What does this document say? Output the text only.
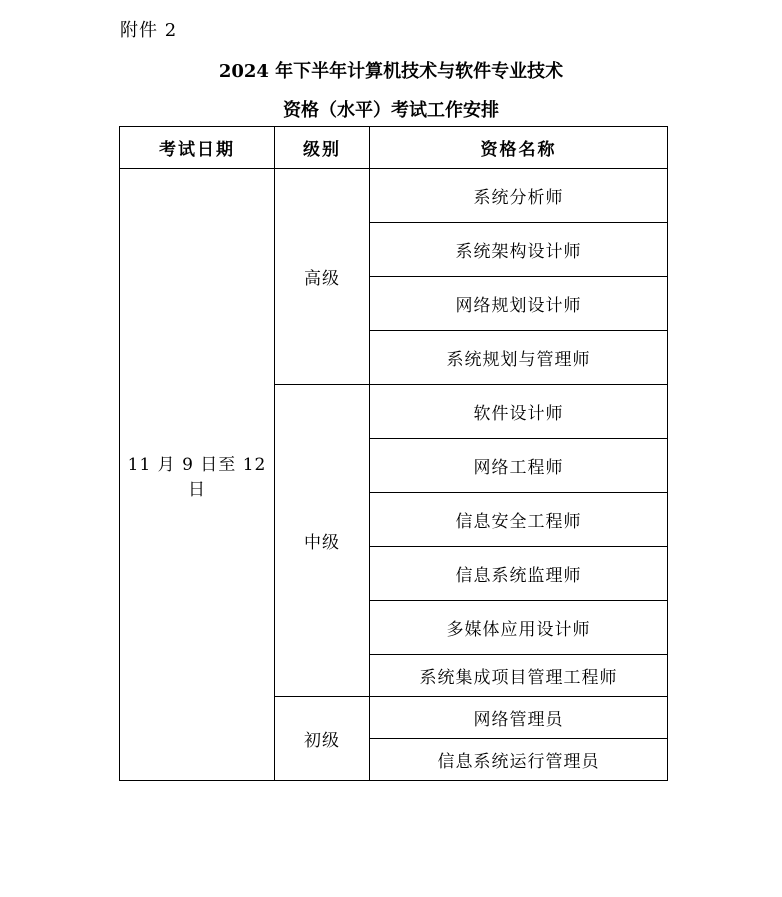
附件 2
2024 年下半年计算机技术与软件专业技术
资格（水平）考试工作安排
考试日期	级别	资格名称
11 月 9 日至 12 日	高级	系统分析师
		系统架构设计师
		网络规划设计师
		系统规划与管理师
	中级	软件设计师
		网络工程师
		信息安全工程师
		信息系统监理师
		多媒体应用设计师
		系统集成项目管理工程师
	初级	网络管理员
		信息系统运行管理员
